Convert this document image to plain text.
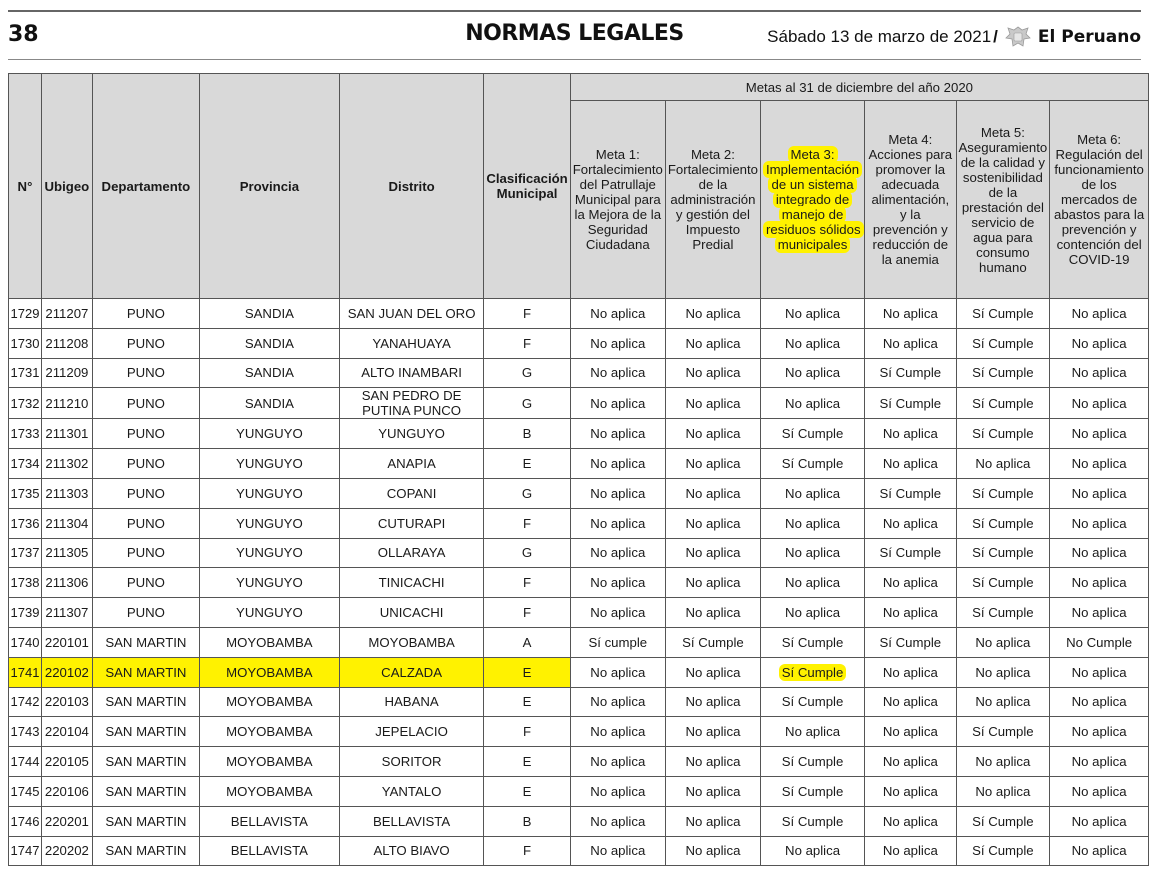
38	NORMAS LEGALES	Sábado 13 de marzo de 2021 / El Peruano
N°	Ubigeo	Departamento	Provincia	Distrito	Clasificación Municipal	Metas al 31 de diciembre del año 2020					
						Meta 1: Fortalecimiento del Patrullaje Municipal para la Mejora de la Seguridad Ciudadana	Meta 2: Fortalecimiento de la administración y gestión del Impuesto Predial	Meta 3: Implementación de un sistema integrado de manejo de residuos sólidos municipales	Meta 4: Acciones para promover la adecuada alimentación, y la prevención y reducción de la anemia	Meta 5: Aseguramiento de la calidad y sostenibilidad de la prestación del servicio de agua para consumo humano	Meta 6: Regulación del funcionamiento de los mercados de abastos para la prevención y contención del COVID-19
1729	211207	PUNO	SANDIA	SAN JUAN DEL ORO	F	No aplica	No aplica	No aplica	No aplica	Sí Cumple	No aplica
1730	211208	PUNO	SANDIA	YANAHUAYA	F	No aplica	No aplica	No aplica	No aplica	Sí Cumple	No aplica
1731	211209	PUNO	SANDIA	ALTO INAMBARI	G	No aplica	No aplica	No aplica	Sí Cumple	Sí Cumple	No aplica
1732	211210	PUNO	SANDIA	SAN PEDRO DE PUTINA PUNCO	G	No aplica	No aplica	No aplica	Sí Cumple	Sí Cumple	No aplica
1733	211301	PUNO	YUNGUYO	YUNGUYO	B	No aplica	No aplica	Sí Cumple	No aplica	Sí Cumple	No aplica
1734	211302	PUNO	YUNGUYO	ANAPIA	E	No aplica	No aplica	Sí Cumple	No aplica	No aplica	No aplica
1735	211303	PUNO	YUNGUYO	COPANI	G	No aplica	No aplica	No aplica	Sí Cumple	Sí Cumple	No aplica
1736	211304	PUNO	YUNGUYO	CUTURAPI	F	No aplica	No aplica	No aplica	No aplica	Sí Cumple	No aplica
1737	211305	PUNO	YUNGUYO	OLLARAYA	G	No aplica	No aplica	No aplica	Sí Cumple	Sí Cumple	No aplica
1738	211306	PUNO	YUNGUYO	TINICACHI	F	No aplica	No aplica	No aplica	No aplica	Sí Cumple	No aplica
1739	211307	PUNO	YUNGUYO	UNICACHI	F	No aplica	No aplica	No aplica	No aplica	Sí Cumple	No aplica
1740	220101	SAN MARTIN	MOYOBAMBA	MOYOBAMBA	A	Sí cumple	Sí Cumple	Sí Cumple	Sí Cumple	No aplica	No Cumple
1741	220102	SAN MARTIN	MOYOBAMBA	CALZADA	E	No aplica	No aplica	Sí Cumple	No aplica	No aplica	No aplica
1742	220103	SAN MARTIN	MOYOBAMBA	HABANA	E	No aplica	No aplica	Sí Cumple	No aplica	No aplica	No aplica
1743	220104	SAN MARTIN	MOYOBAMBA	JEPELACIO	F	No aplica	No aplica	No aplica	No aplica	Sí Cumple	No aplica
1744	220105	SAN MARTIN	MOYOBAMBA	SORITOR	E	No aplica	No aplica	Sí Cumple	No aplica	No aplica	No aplica
1745	220106	SAN MARTIN	MOYOBAMBA	YANTALO	E	No aplica	No aplica	Sí Cumple	No aplica	No aplica	No aplica
1746	220201	SAN MARTIN	BELLAVISTA	BELLAVISTA	B	No aplica	No aplica	Sí Cumple	No aplica	Sí Cumple	No aplica
1747	220202	SAN MARTIN	BELLAVISTA	ALTO BIAVO	F	No aplica	No aplica	No aplica	No aplica	Sí Cumple	No aplica
